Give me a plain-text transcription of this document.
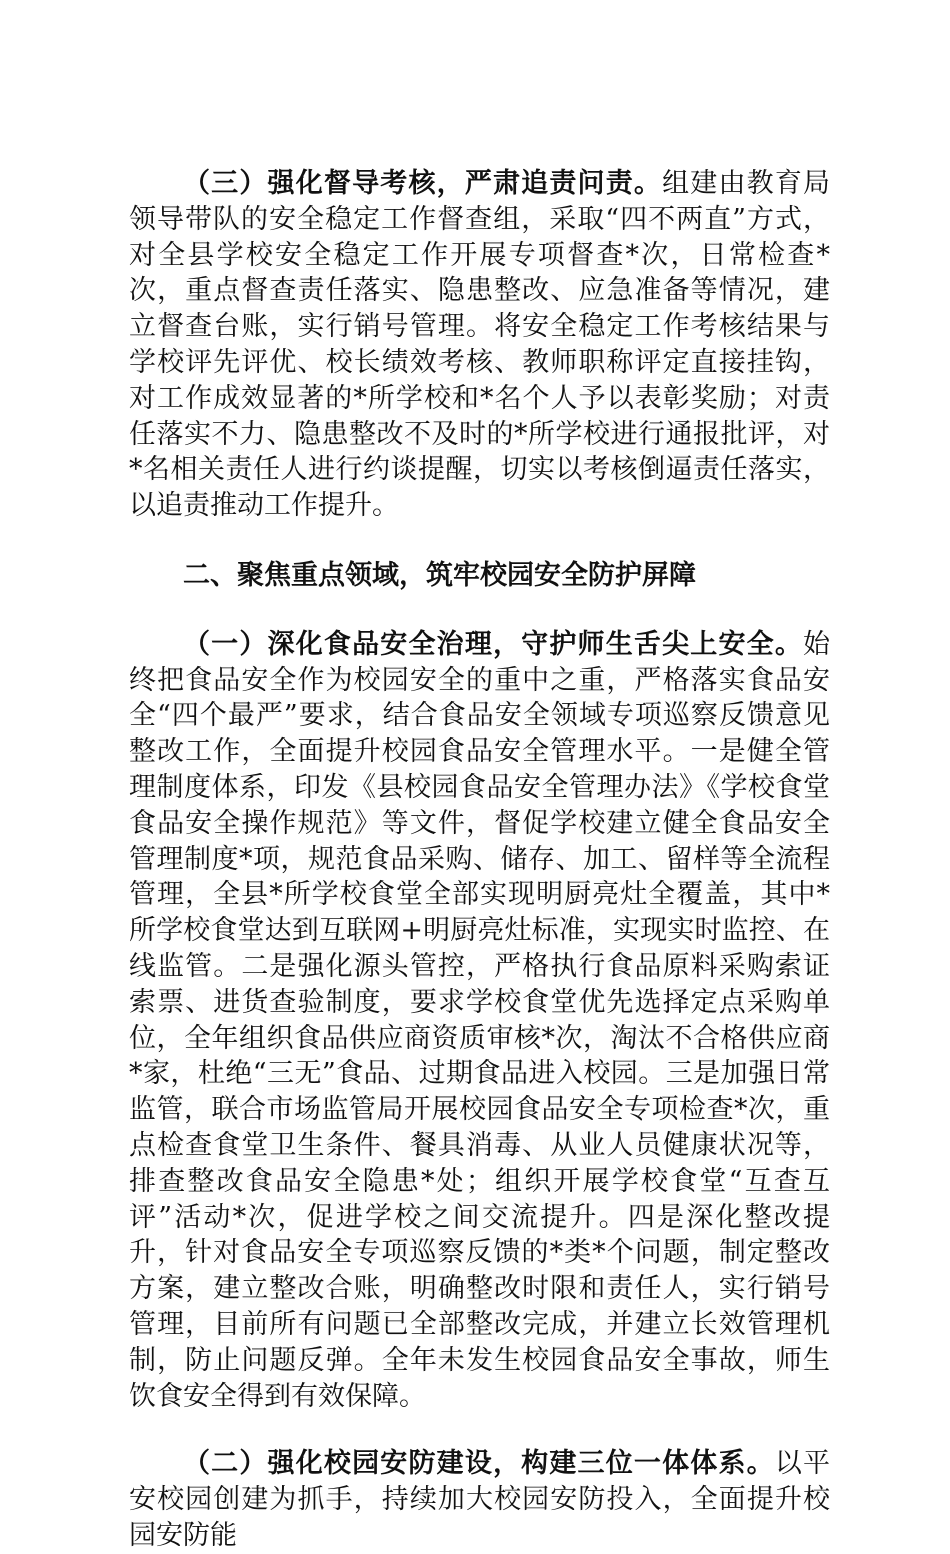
（三）强化督导考核，严肃追责问责。组建由教育局领导带队的安全稳定工作督查组，采取“四不两直”方式，对全县学校安全稳定工作开展专项督查*次，日常检查*次，重点督查责任落实、隐患整改、应急准备等情况，建立督查台账，实行销号管理。将安全稳定工作考核结果与学校评先评优、校长绩效考核、教师职称评定直接挂钩，对工作成效显著的*所学校和*名个人予以表彰奖励；对责任落实不力、隐患整改不及时的*所学校进行通报批评，对*名相关责任人进行约谈提醒，切实以考核倒逼责任落实，以追责推动工作提升。

二、聚焦重点领域，筑牢校园安全防护屏障

（一）深化食品安全治理，守护师生舌尖上安全。始终把食品安全作为校园安全的重中之重，严格落实食品安全“四个最严”要求，结合食品安全领域专项巡察反馈意见整改工作，全面提升校园食品安全管理水平。一是健全管理制度体系，印发《县校园食品安全管理办法》《学校食堂食品安全操作规范》等文件，督促学校建立健全食品安全管理制度*项，规范食品采购、储存、加工、留样等全流程管理，全县*所学校食堂全部实现明厨亮灶全覆盖，其中*所学校食堂达到互联网+明厨亮灶标准，实现实时监控、在线监管。二是强化源头管控，严格执行食品原料采购索证索票、进货查验制度，要求学校食堂优先选择定点采购单位，全年组织食品供应商资质审核*次，淘汰不合格供应商*家，杜绝“三无”食品、过期食品进入校园。三是加强日常监管，联合市场监管局开展校园食品安全专项检查*次，重点检查食堂卫生条件、餐具消毒、从业人员健康状况等，排查整改食品安全隐患*处；组织开展学校食堂“互查互评”活动*次，促进学校之间交流提升。四是深化整改提升，针对食品安全专项巡察反馈的*类*个问题，制定整改方案，建立整改合账，明确整改时限和责任人，实行销号管理，目前所有问题已全部整改完成，并建立长效管理机制，防止问题反弹。全年未发生校园食品安全事故，师生饮食安全得到有效保障。

（二）强化校园安防建设，构建三位一体体系。以平安校园创建为抓手，持续加大校园安防投入，全面提升校园安防能
